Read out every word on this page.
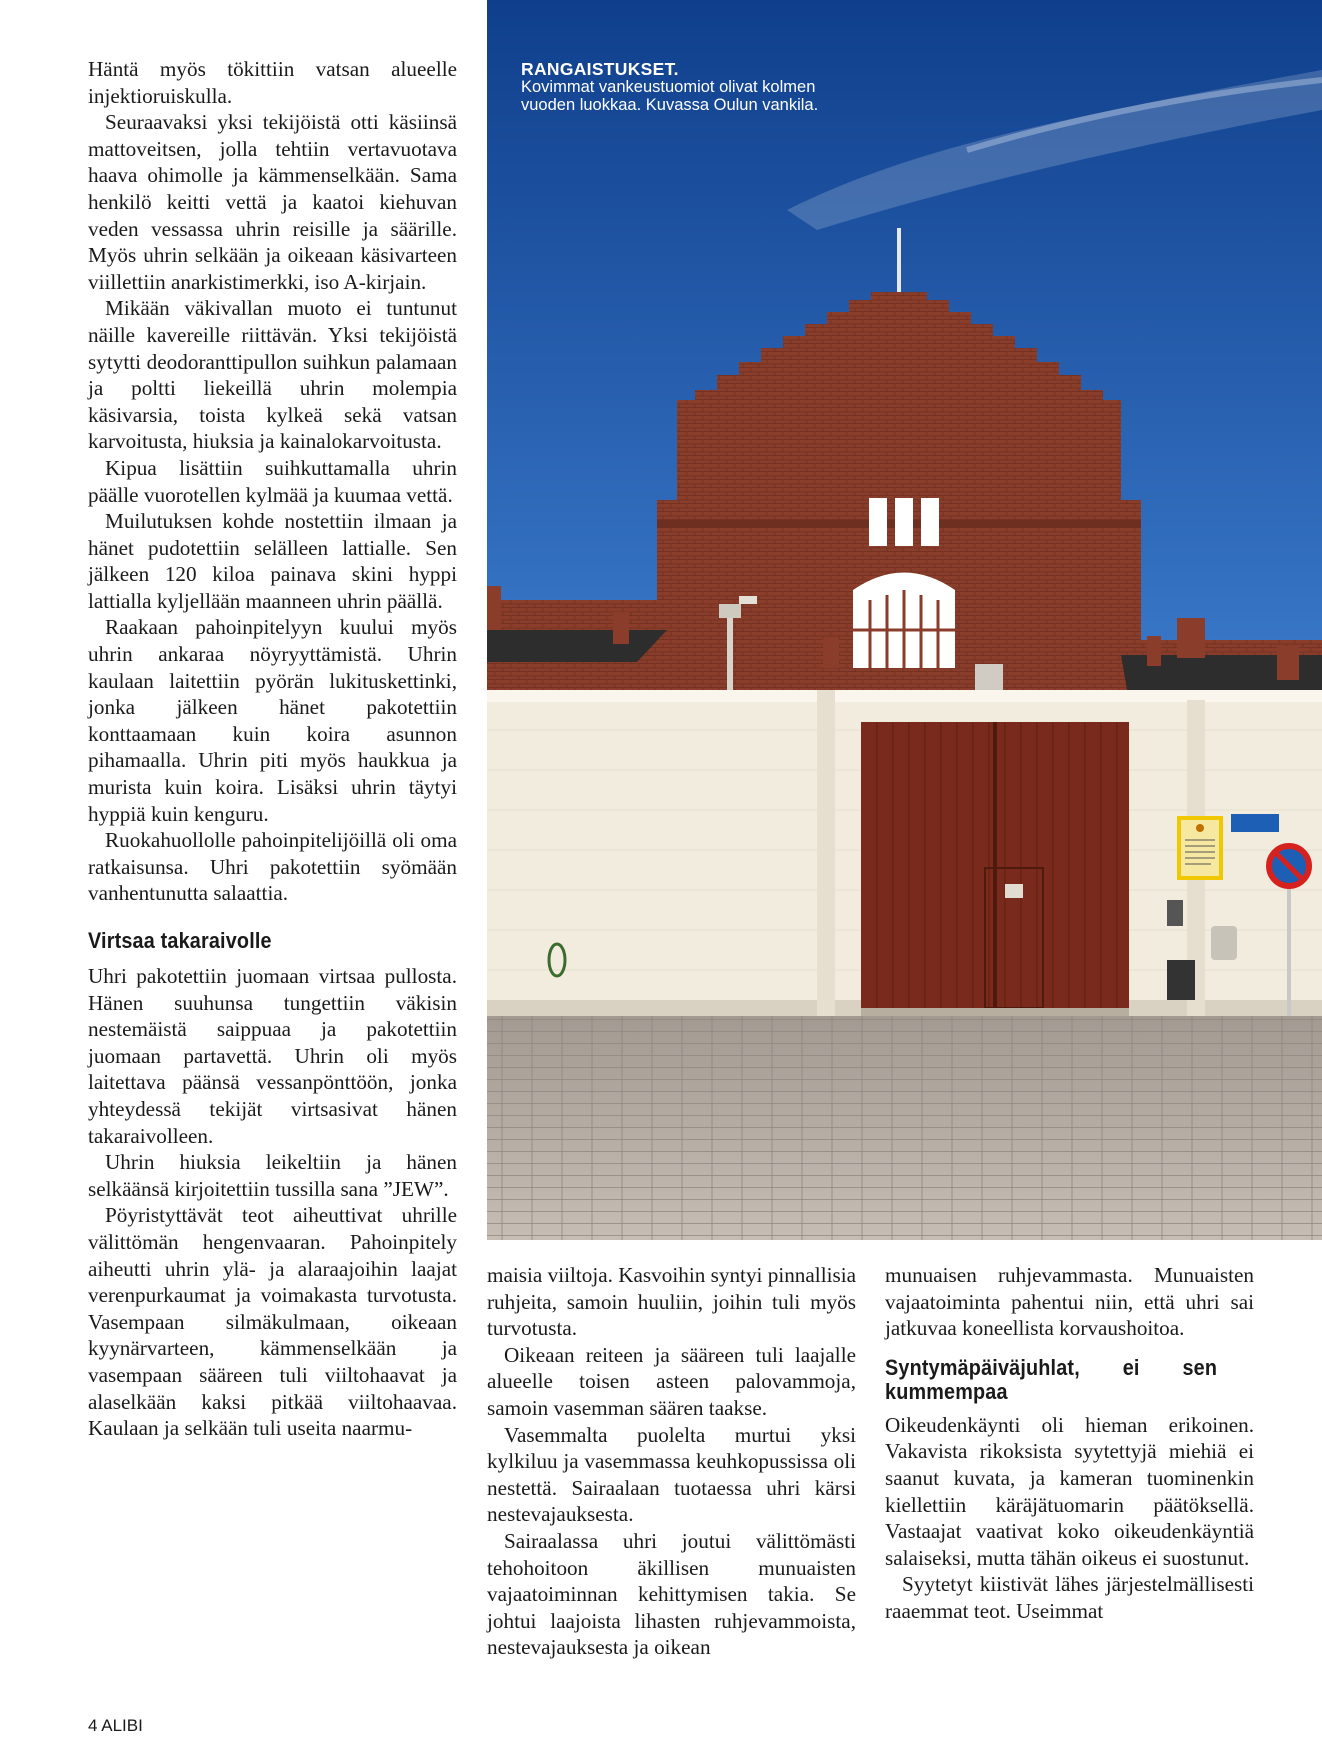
Häntä myös tökittiin vatsan alueelle injektioruiskulla.

Seuraavaksi yksi tekijöistä otti käsiinsä mattoveitsen, jolla tehtiin vertavuotava haava ohimolle ja kämmenselkään. Sama henkilö keitti vettä ja kaatoi kiehuvan veden vessassa uhrin reisille ja säärille. Myös uhrin selkään ja oikeaan käsivarteen viillettiin anarkistimerkki, iso A-kirjain.

Mikään väkivallan muoto ei tuntunut näille kavereille riittävän. Yksi tekijöistä sytytti deodoranttipullon suihkun palamaan ja poltti liekeillä uhrin molempia käsivarsia, toista kylkeä sekä vatsan karvoitusta, hiuksia ja kainalokarvoitusta.

Kipua lisättiin suihkuttamalla uhrin päälle vuorotellen kylmää ja kuumaa vettä.

Muilutuksen kohde nostettiin ilmaan ja hänet pudotettiin selälleen lattialle. Sen jälkeen 120 kiloa painava skini hyppi lattialla kyljellään maanneen uhrin päällä.

Raakaan pahoinpitelyyn kuului myös uhrin ankaraa nöyryyttämistä. Uhrin kaulaan laitettiin pyörän lukituskettinki, jonka jälkeen hänet pakotettiin konttaamaan kuin koira asunnon pihamaalla. Uhrin piti myös haukkua ja murista kuin koira. Lisäksi uhrin täytyi hyppiä kuin kenguru.

Ruokahuollolle pahoinpitelijöillä oli oma ratkaisunsa. Uhri pakotettiin syömään vanhentunutta salaattia.

Virtsaa takaraivolle

Uhri pakotettiin juomaan virtsaa pullosta. Hänen suuhunsa tungettiin väkisin nestemäistä saippuaa ja pakotettiin juomaan partavettä. Uhrin oli myös laitettava päänsä vessanpönttöön, jonka yhteydessä tekijät virtsasivat hänen takaraivolleen.

Uhrin hiuksia leikeltiin ja hänen selkäänsä kirjoitettiin tussilla sana ”JEW”.

Pöyristyttävät teot aiheuttivat uhrille välittömän hengenvaaran. Pahoinpitely aiheutti uhrin ylä- ja alaraajoihin laajat verenpurkaumat ja voimakasta turvotusta. Vasempaan silmäkulmaan, oikeaan kyynärvarteen, kämmenselkään ja vasempaan sääreen tuli viiltohaavat ja alaselkään kaksi pitkää viiltohaavaa. Kaulaan ja selkään tuli useita naarmu-

RANGAISTUKSET.
Kovimmat vankeustuomiot olivat kolmen vuoden luokkaa. Kuvassa Oulun vankila.

maisia viiltoja. Kasvoihin syntyi pinnallisia ruhjeita, samoin huuliin, joihin tuli myös turvotusta.

Oikeaan reiteen ja sääreen tuli laajalle alueelle toisen asteen palovammoja, samoin vasemman säären taakse.

Vasemmalta puolelta murtui yksi kylkiluu ja vasemmassa keuhkopussissa oli nestettä. Sairaalaan tuotaessa uhri kärsi nestevajauksesta.

Sairaalassa uhri joutui välittömästi tehohoitoon äkillisen munuaisten vajaatoiminnan kehittymisen takia. Se johtui laajoista lihasten ruhjevammoista, nestevajauksesta ja oikean

munuaisen ruhjevammasta. Munuaisten vajaatoiminta pahentui niin, että uhri sai jatkuvaa koneellista korvaushoitoa.

Syntymäpäiväjuhlat, ei sen kummempaa

Oikeudenkäynti oli hieman erikoinen. Vakavista rikoksista syytettyjä miehiä ei saanut kuvata, ja kameran tuominenkin kiellettiin käräjätuomarin päätöksellä. Vastaajat vaativat koko oikeudenkäyntiä salaiseksi, mutta tähän oikeus ei suostunut.

Syytetyt kiistivät lähes järjestelmällisesti raaemmat teot. Useimmat

4 ALIBI
